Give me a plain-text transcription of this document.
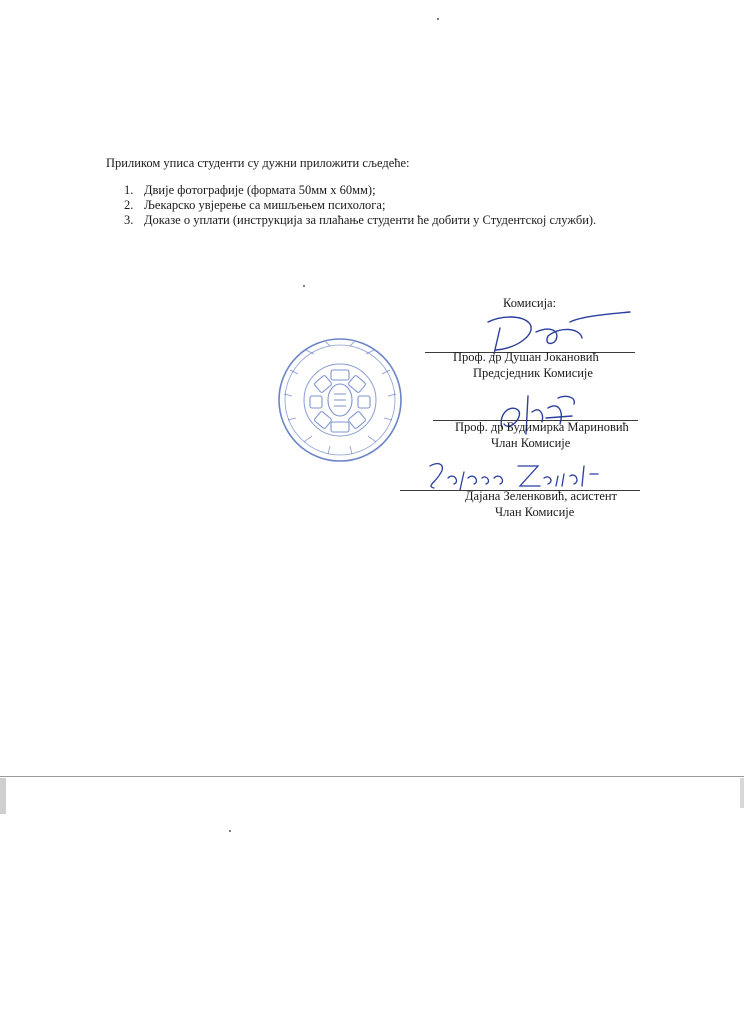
Приликом уписа студенти су дужни приложити сљедеће:
1. Двије фотографије (формата 50мм x 60мм);
2. Љекарско увјерење са мишљењем психолога;
3. Доказе о уплати (инструкција за плаћање студенти ће добити у Студентској служби).
Комисија:
Проф. др Душан Јокановић
Предсједник Комисије
Проф. др Будимирка Мариновић
Члан Комисије
Дајана Зеленковић, асистент
Члан Комисије
